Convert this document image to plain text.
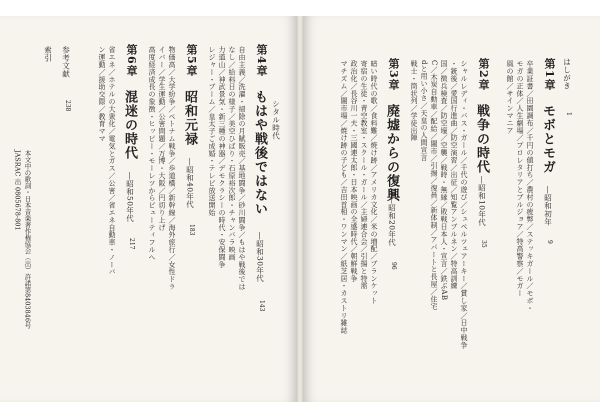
はしがき
1
第1章
モボとモガ
―昭和初年
9
卒業証書／田園調布／千円の値打ち／農村の疲弊／ステッキガール／モボ・
モガの正体／人生劇場／プロレタリアとブルジョア／特高警察／モガー
風の館／サインマニア
第2章
戦争の時代
―昭和10年代
35
シャルレディ・バス・ガール／千代の遊び／シュペルツェアーキー／賞し家／日中戦争
・銃後／愛国行進曲／防空演習／出征／知覧アンブルネン／特高訓練
国／徴兵検査／防空壕／空襲／戦時・無縁／敗戦日本人・宣言／鉄ぶAB
C／木炭自動車／配給／闇市／引揚／復員／新体制／アパートと長屋／住宅
dと用い小さ／天皇の人間宣言
戦士・筒状列／学徒出陣
第3章
廃墟からの復興
―昭和20年代
96
暗い時代の歌／食料難／焼け跡／アメリカ文化／米の増配／ブランケット
寄宿の生徒・青空教室・スクール・ガール／主婦連合会／引揚と特需
政治化／長谷川一夫・三國連太郎・日本映画の全盛時代／朝鮮戦争
マチズム／闇市場／焼け跡の子ども／吉田首相・ワンマン／紙芝居・カストリ雑誌
シタル時代
第4章
もはや戦後ではない
―昭和30年代
143
自由主義／洗濯・掃除の月賦販売／基地闘争／砂川闘争／もはや戦後では
なし／給料日の様子／美空ひばり・石原裕次郎・チャンバラ映画
力道山／神武景気・新三種の神器／デモクラシーの時代・安保闘争
レジャー・ブーム／皇太子ご成婚・テレビ放送開始
第5章
昭和元禄
―昭和40年代
183
物価高／大学紛争／ベトナム戦争／歩道橋／新幹線／海外旅行／女性ドラ
イバー／学生運動／公害問題／万博・大阪／円切り上げ
高度経済成長の象徴・ヒッピー・モーレツからビューティフルへ
第6章
混迷の時代
―昭和50年代
217
省エネ／ホテルの大衆化／電気とガス／公害／省エネ自動車・ノーバ
ン運動／援助交際／教育ママ
参考文献
238
索引
本文中の歌詞・日本音楽著作権協会（出）許諾第8403846号
JASRAC 出 0805678-801
